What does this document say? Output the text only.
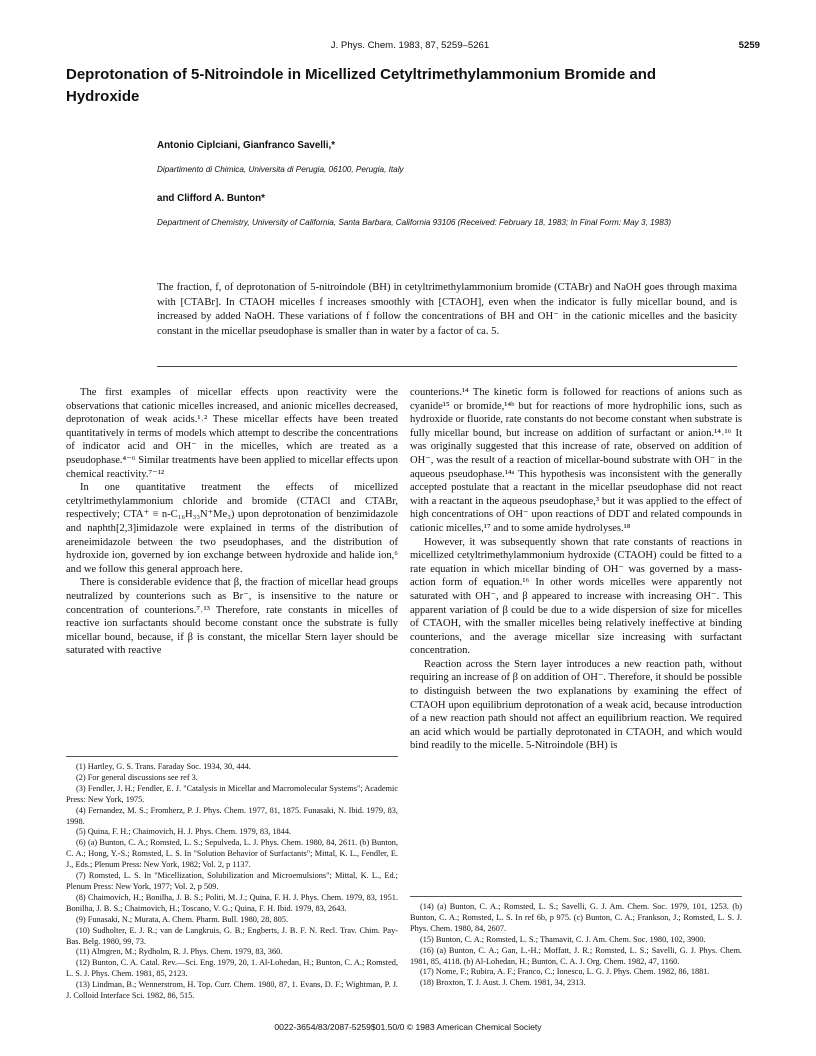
J. Phys. Chem. 1983, 87, 5259–5261	5259
Deprotonation of 5-Nitroindole in Micellized Cetyltrimethylammonium Bromide and Hydroxide
Antonio Ciplciani, Gianfranco Savelli,*
Dipartimento di Chimica, Universita di Perugia, 06100, Perugia, Italy
and Clifford A. Bunton*
Department of Chemistry, University of California, Santa Barbara, California 93106 (Received: February 18, 1983; In Final Form: May 3, 1983)

The fraction, f, of deprotonation of 5-nitroindole (BH) in cetyltrimethylammonium bromide (CTABr) and NaOH goes through maxima with [CTABr]. In CTAOH micelles f increases smoothly with [CTAOH], even when the indicator is fully micellar bound, and is increased by added NaOH. These variations of f follow the concentrations of BH and OH⁻ in the cationic micelles and the basicity constant in the micellar pseudophase is smaller than in water by a factor of ca. 5.

The first examples of micellar effects upon reactivity were the observations that cationic micelles increased, and anionic micelles decreased, deprotonation of weak acids.¹˒² These micellar effects have been treated quantitatively in terms of models which attempt to describe the concentrations of indicator acid and OH⁻ in the micelles, which are treated as a pseudophase.⁴⁻⁶ Similar treatments have been applied to micellar effects upon chemical reactivity.⁷⁻¹²

In one quantitative treatment the effects of micellized cetyltrimethylammonium chloride and bromide (CTACl and CTABr, respectively; CTA⁺ ≡ n-C₁₆H₃₃N⁺Me₃) upon deprotonation of benzimidazole and naphth[2,3]imidazole were explained in terms of the distribution of areneimidazole between the two pseudophases, and the distribution of hydroxide ion, governed by ion exchange between hydroxide and halide ion,⁶ and we follow this general approach here.

There is considerable evidence that β, the fraction of micellar head groups neutralized by counterions such as Br⁻, is insensitive to the nature or concentration of counterions.⁷˒¹³ Therefore, rate constants in micelles of reactive ion surfactants should become constant once the substrate is fully micellar bound, because, if β is constant, the micellar Stern layer should be saturated with reactive

counterions.¹⁴ The kinetic form is followed for reactions of anions such as cyanide¹⁵ or bromide,¹⁴ᵇ but for reactions of more hydrophilic ions, such as hydroxide or fluoride, rate constants do not become constant when substrate is fully micellar bound, but increase on addition of surfactant or anion.¹⁴˒¹⁶ It was originally suggested that this increase of rate, observed on addition of OH⁻, was the result of a reaction of micellar-bound substrate with OH⁻ in the aqueous pseudophase.¹⁴ᵃ This hypothesis was inconsistent with the generally accepted postulate that a reactant in the micellar pseudophase did not react with a reactant in the aqueous pseudophase,³ but it was applied to the effect of high concentrations of OH⁻ upon reactions of DDT and related compounds in cationic micelles,¹⁷ and to some amide hydrolyses.¹⁸

However, it was subsequently shown that rate constants of reactions in micellized cetyltrimethylammonium hydroxide (CTAOH) could be fitted to a rate equation in which micellar binding of OH⁻ was governed by a mass-action form of equation.¹⁶ In other words micelles were apparently not saturated with OH⁻, and β appeared to increase with increasing OH⁻. This apparent variation of β could be due to a wide dispersion of size for micelles of CTAOH, with the smaller micelles being relatively ineffective at binding counterions, and the average micellar size increasing with surfactant concentration.

Reaction across the Stern layer introduces a new reaction path, without requiring an increase of β on addition of OH⁻. Therefore, it should be possible to distinguish between the two explanations by examining the effect of CTAOH upon equilibrium deprotonation of a weak acid, because introduction of a new reaction path should not affect an equilibrium reaction. We required an acid which would be partially deprotonated in CTAOH, and which would bind readily to the micelle. 5-Nitroindole (BH) is

(1) Hartley, G. S. Trans. Faraday Soc. 1934, 30, 444.

(2) For general discussions see ref 3.

(3) Fendler, J. H.; Fendler, E. J. "Catalysis in Micellar and Macromolecular Systems"; Academic Press: New York, 1975.

(4) Fernandez, M. S.; Fromherz, P. J. Phys. Chem. 1977, 81, 1875. Funasaki, N. Ibid. 1979, 83, 1998.

(5) Quina, F. H.; Chaimovich, H. J. Phys. Chem. 1979, 83, 1844.

(6) (a) Bunton, C. A.; Romsted, L. S.; Sepulveda, L. J. Phys. Chem. 1980, 84, 2611. (b) Bunton, C. A.; Hong, Y.-S.; Romsted, L. S. In "Solution Behavior of Surfactants"; Mittal, K. L., Fendler, E. J., Eds.; Plenum Press: New York, 1982; Vol. 2, p 1137.

(7) Romsted, L. S. In "Micellization, Solubilization and Microemulsions"; Mittal, K. L., Ed.; Plenum Press: New York, 1977; Vol. 2, p 509.

(8) Chaimovich, H.; Bonilha, J. B. S.; Politi, M. J.; Quina, F. H. J. Phys. Chem. 1979, 83, 1951. Bonilha, J. B. S.; Chaimovich, H.; Toscano, V. G.; Quina, F. H. Ibid. 1979, 83, 2643.

(9) Funasaki, N.; Murata, A. Chem. Pharm. Bull. 1980, 28, 805.

(10) Sudholter, E. J. R.; van de Langkruis, G. B.; Engberts, J. B. F. N. Recl. Trav. Chim. Pay-Bas. Belg. 1980, 99, 73.

(11) Almgren, M.; Rydholm, R. J. Phys. Chem. 1979, 83, 360.

(12) Bunton, C. A. Catal. Rev.—Sci. Eng. 1979, 20, 1. Al-Lohedan, H.; Bunton, C. A.; Romsted, L. S. J. Phys. Chem. 1981, 85, 2123.

(13) Lindman, B.; Wennerstrom, H. Top. Curr. Chem. 1980, 87, 1. Evans, D. F.; Wightman, P. J. J. Colloid Interface Sci. 1982, 86, 515.

(14) (a) Bunton, C. A.; Romsted, L. S.; Savelli, G. J. Am. Chem. Soc. 1979, 101, 1253. (b) Bunton, C. A.; Romsted, L. S. In ref 6b, p 975. (c) Bunton, C. A.; Frankson, J.; Romsted, L. S. J. Phys. Chem. 1980, 84, 2607.

(15) Bunton, C. A.; Romsted, L. S.; Thamavit, C. J. Am. Chem. Soc. 1980, 102, 3900.

(16) (a) Bunton, C. A.; Gan, L.-H.; Moffatt, J. R.; Romsted, L. S.; Savelli, G. J. Phys. Chem. 1981, 85, 4118. (b) Al-Lohedan, H.; Bunton, C. A. J. Org. Chem. 1982, 47, 1160.

(17) Nome, F.; Rubira, A. F.; Franco, C.; Ionescu, L. G. J. Phys. Chem. 1982, 86, 1881.

(18) Broxton, T. J. Aust. J. Chem. 1981, 34, 2313.

0022-3654/83/2087-5259$01.50/0 © 1983 American Chemical Society
